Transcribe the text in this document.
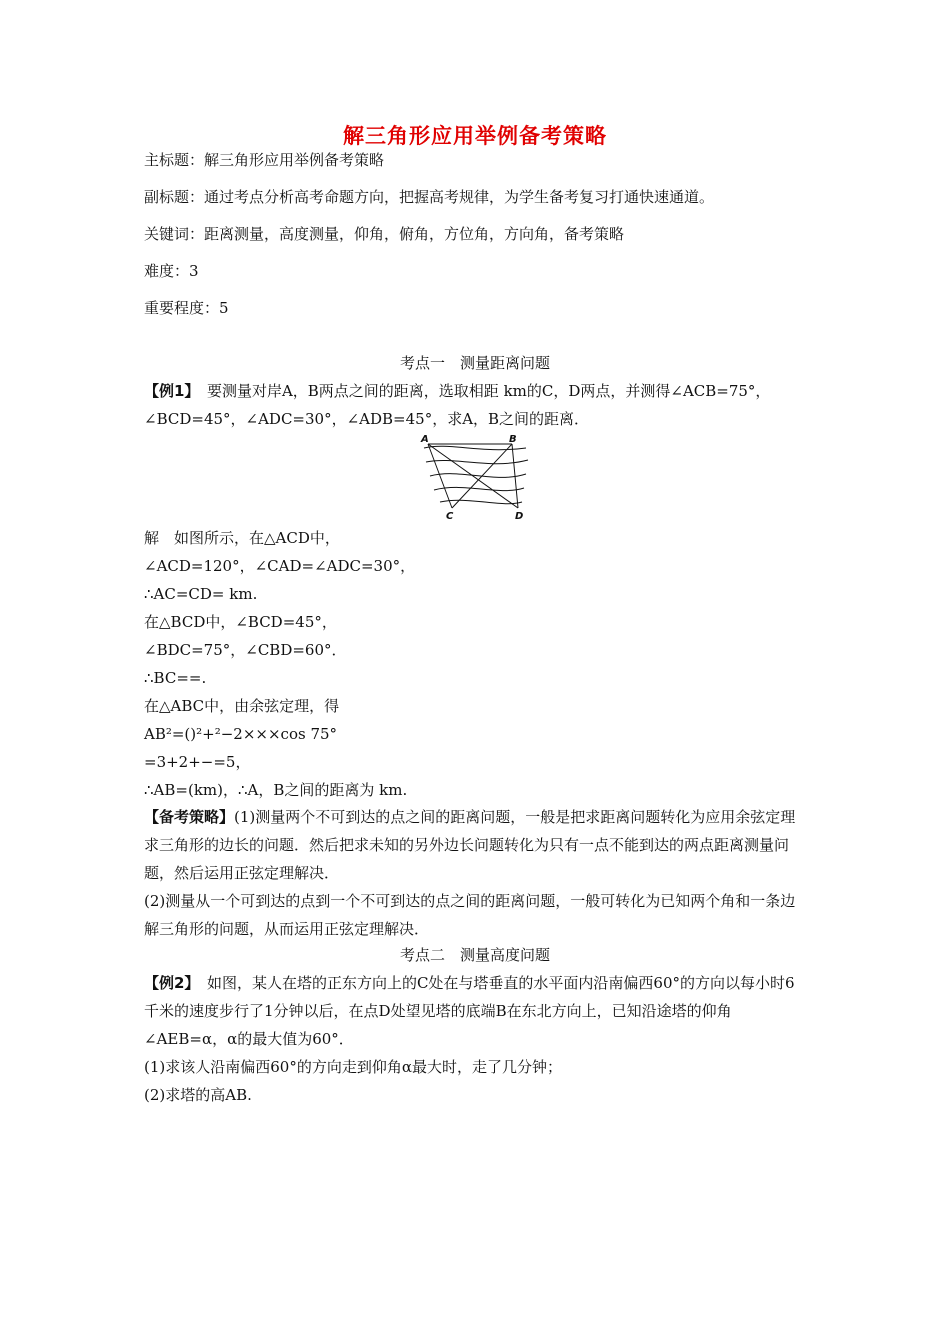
解三角形应用举例备考策略
主标题：解三角形应用举例备考策略
副标题：通过考点分析高考命题方向，把握高考规律，为学生备考复习打通快速通道。
关键词：距离测量，高度测量，仰角，俯角，方位角，方向角，备考策略
难度：3
重要程度：5
考点一　测量距离问题
【例1】　要测量对岸A，B两点之间的距离，选取相距 km的C，D两点，并测得∠ACB=75°，∠BCD=45°，∠ADC=30°，∠ADB=45°，求A，B之间的距离．
A	B
C	D
解　如图所示，在△ACD中，
∠ACD=120°，∠CAD=∠ADC=30°，
∴AC=CD= km.
在△BCD中，∠BCD=45°，
∠BDC=75°，∠CBD=60°．
∴BC==.
在△ABC中，由余弦定理，得
AB²=()²+²−2×××cos 75°
=3+2+−=5，
∴AB=(km)，∴A，B之间的距离为 km.
【备考策略】(1)测量两个不可到达的点之间的距离问题，一般是把求距离问题转化为应用余弦定理求三角形的边长的问题．然后把求未知的另外边长问题转化为只有一点不能到达的两点距离测量问题，然后运用正弦定理解决．
(2)测量从一个可到达的点到一个不可到达的点之间的距离问题，一般可转化为已知两个角和一条边解三角形的问题，从而运用正弦定理解决．
考点二　测量高度问题
【例2】　如图，某人在塔的正东方向上的C处在与塔垂直的水平面内沿南偏西60°的方向以每小时6千米的速度步行了1分钟以后，在点D处望见塔的底端B在东北方向上，已知沿途塔的仰角∠AEB=α，α的最大值为60°．
(1)求该人沿南偏西60°的方向走到仰角α最大时，走了几分钟；
(2)求塔的高AB.
